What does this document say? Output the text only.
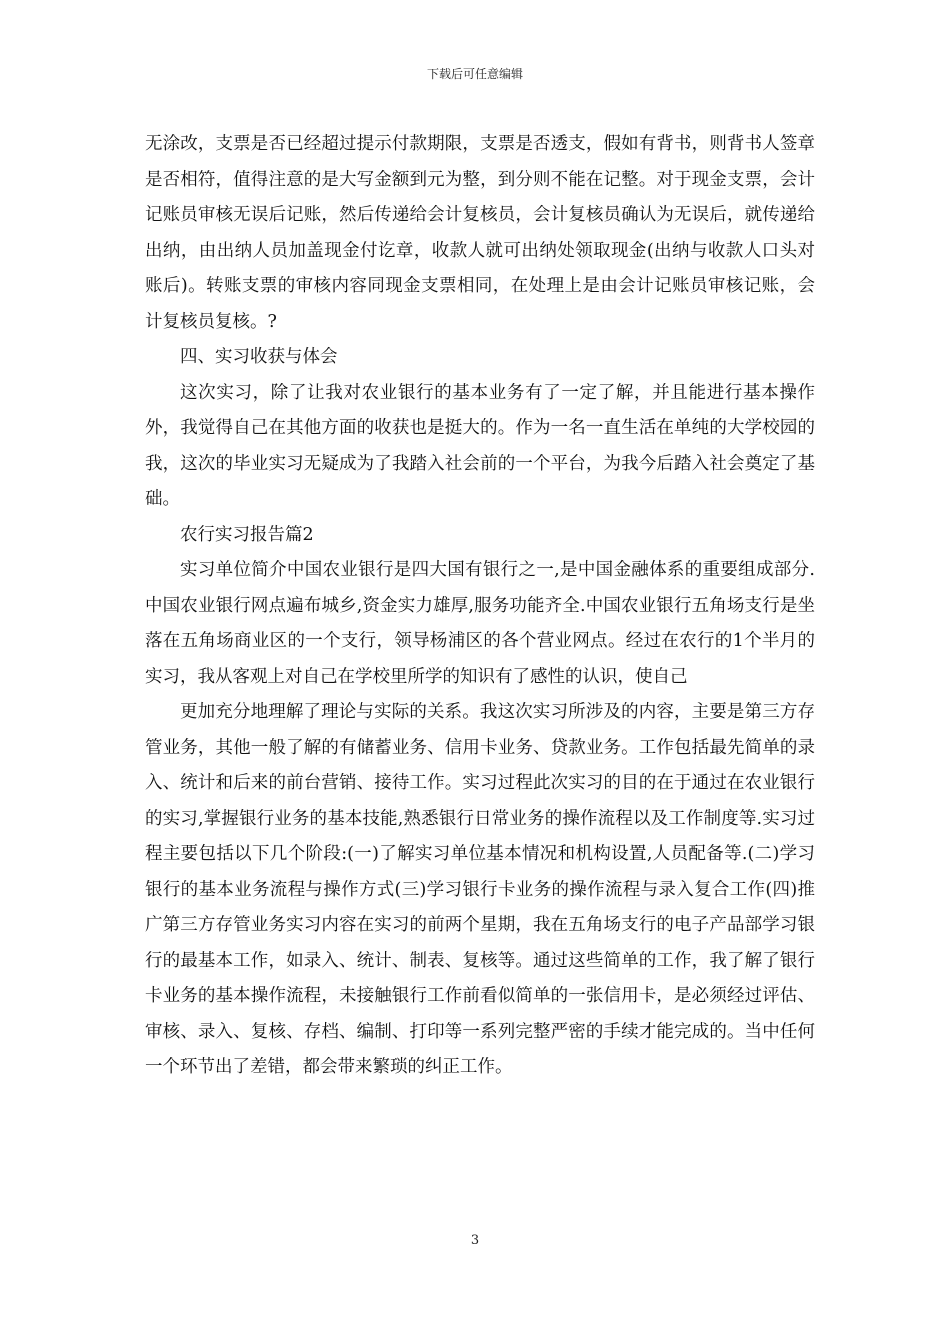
下载后可任意编辑

无涂改，支票是否已经超过提示付款期限，支票是否透支，假如有背书，则背书人签章是否相符，值得注意的是大写金额到元为整，到分则不能在记整。对于现金支票，会计记账员审核无误后记账，然后传递给会计复核员，会计复核员确认为无误后，就传递给出纳，由出纳人员加盖现金付讫章，收款人就可出纳处领取现金(出纳与收款人口头对账后)。转账支票的审核内容同现金支票相同，在处理上是由会计记账员审核记账，会计复核员复核。?

四、实习收获与体会

这次实习，除了让我对农业银行的基本业务有了一定了解，并且能进行基本操作外，我觉得自己在其他方面的收获也是挺大的。作为一名一直生活在单纯的大学校园的我，这次的毕业实习无疑成为了我踏入社会前的一个平台，为我今后踏入社会奠定了基础。

农行实习报告篇2

实习单位简介中国农业银行是四大国有银行之一,是中国金融体系的重要组成部分.中国农业银行网点遍布城乡,资金实力雄厚,服务功能齐全.中国农业银行五角场支行是坐落在五角场商业区的一个支行，领导杨浦区的各个营业网点。经过在农行的1个半月的实习，我从客观上对自己在学校里所学的知识有了感性的认识，使自己

更加充分地理解了理论与实际的关系。我这次实习所涉及的内容，主要是第三方存管业务，其他一般了解的有储蓄业务、信用卡业务、贷款业务。工作包括最先简单的录入、统计和后来的前台营销、接待工作。实习过程此次实习的目的在于通过在农业银行的实习,掌握银行业务的基本技能,熟悉银行日常业务的操作流程以及工作制度等.实习过程主要包括以下几个阶段:(一)了解实习单位基本情况和机构设置,人员配备等.(二)学习银行的基本业务流程与操作方式(三)学习银行卡业务的操作流程与录入复合工作(四)推广第三方存管业务实习内容在实习的前两个星期，我在五角场支行的电子产品部学习银行的最基本工作，如录入、统计、制表、复核等。通过这些简单的工作，我了解了银行卡业务的基本操作流程，未接触银行工作前看似简单的一张信用卡，是必须经过评估、审核、录入、复核、存档、编制、打印等一系列完整严密的手续才能完成的。当中任何一个环节出了差错，都会带来繁琐的纠正工作。

3
